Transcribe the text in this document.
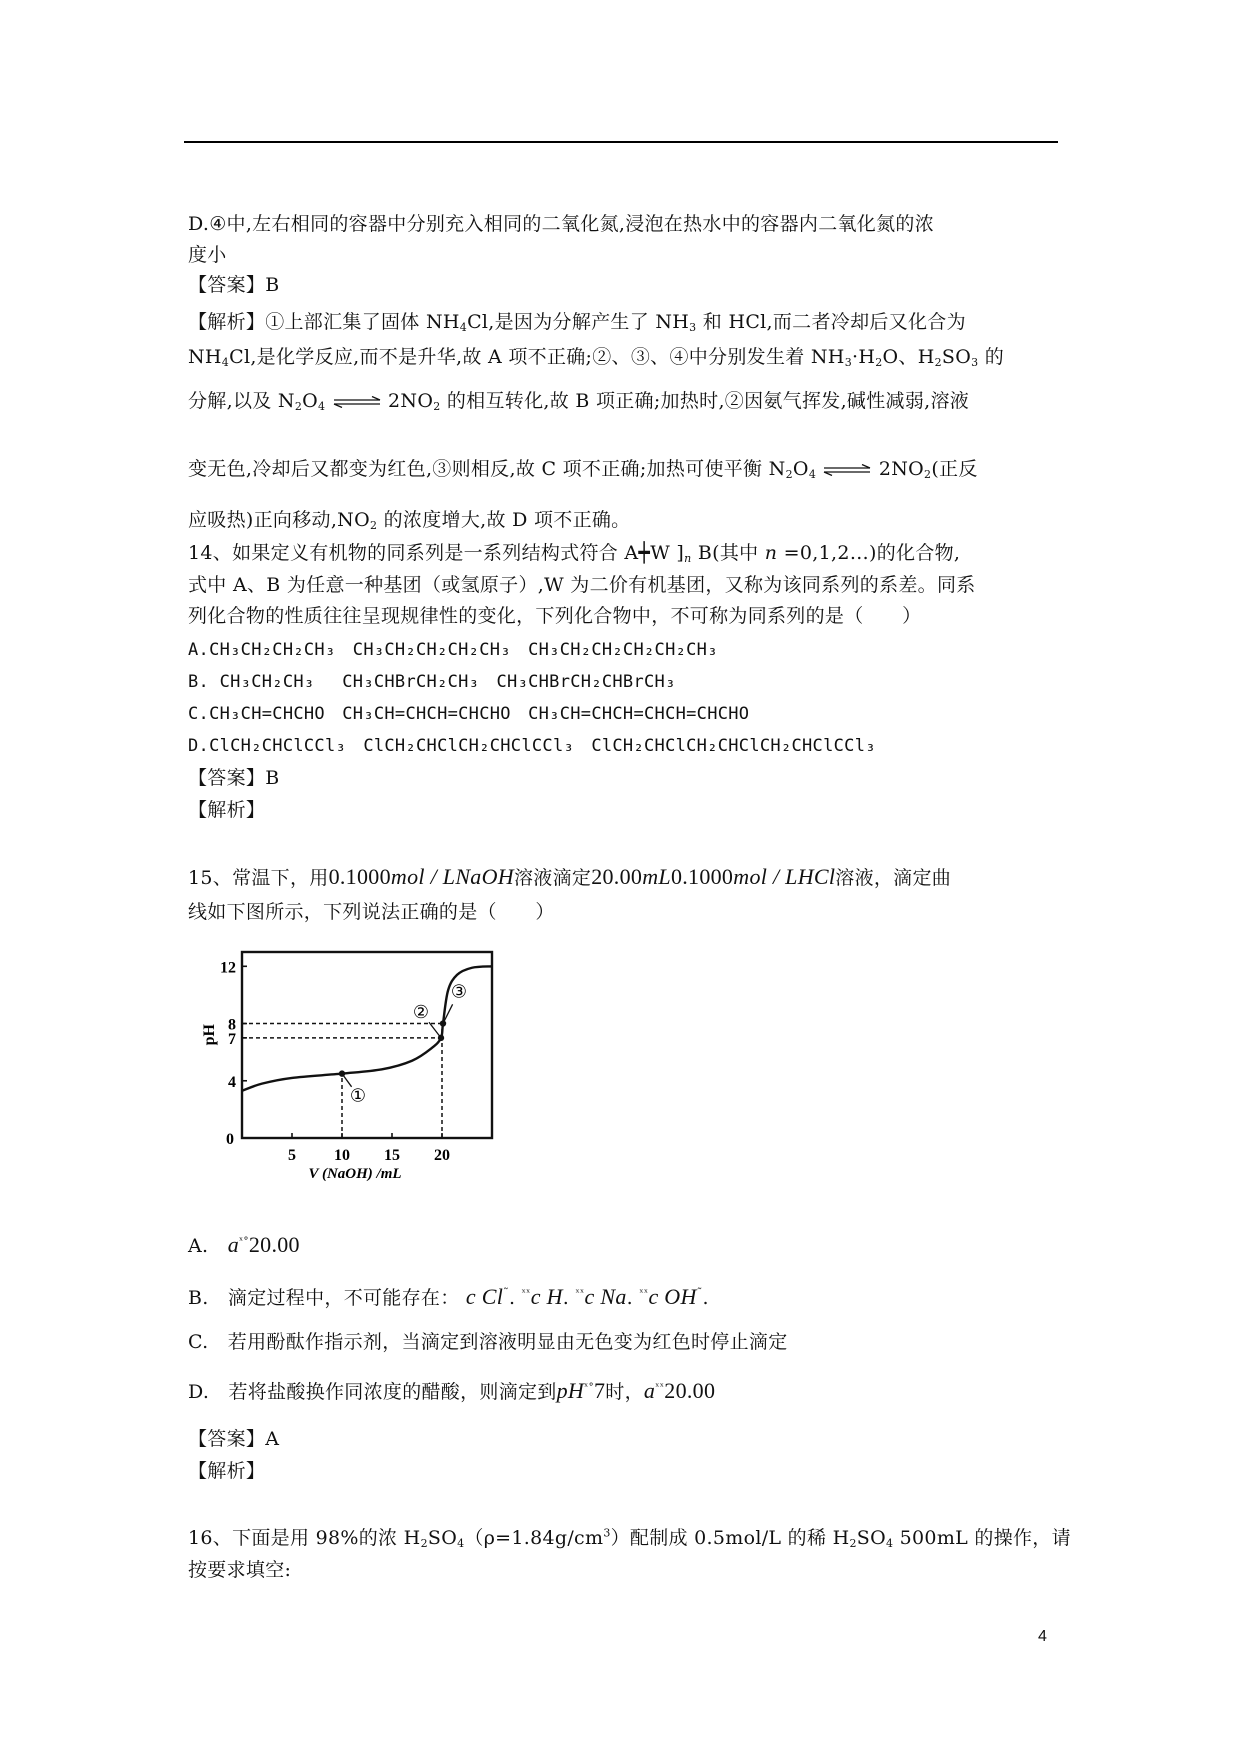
D.④中,左右相同的容器中分别充入相同的二氧化氮,浸泡在热水中的容器内二氧化氮的浓
度小
【答案】B
【解析】①上部汇集了固体 $NH_4Cl$,是因为分解产生了 $NH_3$ 和 HCl,而二者冷却后又化合为
$NH_4Cl$,是化学反应,而不是升华,故 A 项不正确;②、③、④中分别发生着 $NH_3\cdot H_2O$、$H_2SO_3$ 的
分解,以及 $N_2O_4$ ⇌ $2NO_2$ 的相互转化,故 B 项正确;加热时,②因氨气挥发,碱性减弱,溶液
变无色,冷却后又都变为红色,③则相反,故 C 项不正确;加热可使平衡 $N_2O_4$ ⇌ $2NO_2$(正反
应吸热)正向移动$,NO_2$ 的浓度增大,故 D 项不正确。
14、如果定义有机物的同系列是一系列结构式符合 A┿W ]$_n$ B(其中 n =0,1,2…)的化合物,
式中 A、B 为任意一种基团（或氢原子）,W 为二价有机基团，又称为该同系列的系差。同系
列化合物的性质往往呈现规律性的变化，下列化合物中，不可称为同系列的是（　　）
A.CH₃CH₂CH₂CH₃　CH₃CH₂CH₂CH₂CH₃　CH₃CH₂CH₂CH₂CH₂CH₃
B. CH₃CH₂CH₃　 CH₃CHBrCH₂CH₃　CH₃CHBrCH₂CHBrCH₃
C.CH₃CH=CHCHO　CH₃CH=CHCH=CHCHO　CH₃CH=CHCH=CHCH=CHCHO
D.ClCH₂CHClCCl₃　ClCH₂CHClCH₂CHClCCl₃　ClCH₂CHClCH₂CHClCH₂CHClCCl₃
【答案】B
【解析】
15、常温下，用0.1000mol / LNaOH溶液滴定20.00mL0.1000mol / LHCl溶液，滴定曲
线如下图所示，下列说法正确的是（　　）
5 10 15 20
4
7
8
12
0
V (NaOH) /mL
pH
①
②
③
A.　 $a^{ˣ^\circ}20.00$
B.　滴定过程中，不可能存在： c Cl˜. $^{ˣˣ}$c H. $^{ˣˣ}$c Na. $^{ˣˣ}$c OH˜.
C.　若用酚酞作指示剂，当滴定到溶液明显由无色变为红色时停止滴定
D.　若将盐酸换作同浓度的醋酸，则滴定到$pH^{ˣ^\circ}7$时，$a^{ˣˣ}20.00$
【答案】A
【解析】
16、下面是用 98%的浓 $H_2SO_4(\rho=1.84g/cm^3)$配制成 0.5mol/L 的稀 $H_2SO_4$ 500mL 的操作，请
按要求填空:
4
